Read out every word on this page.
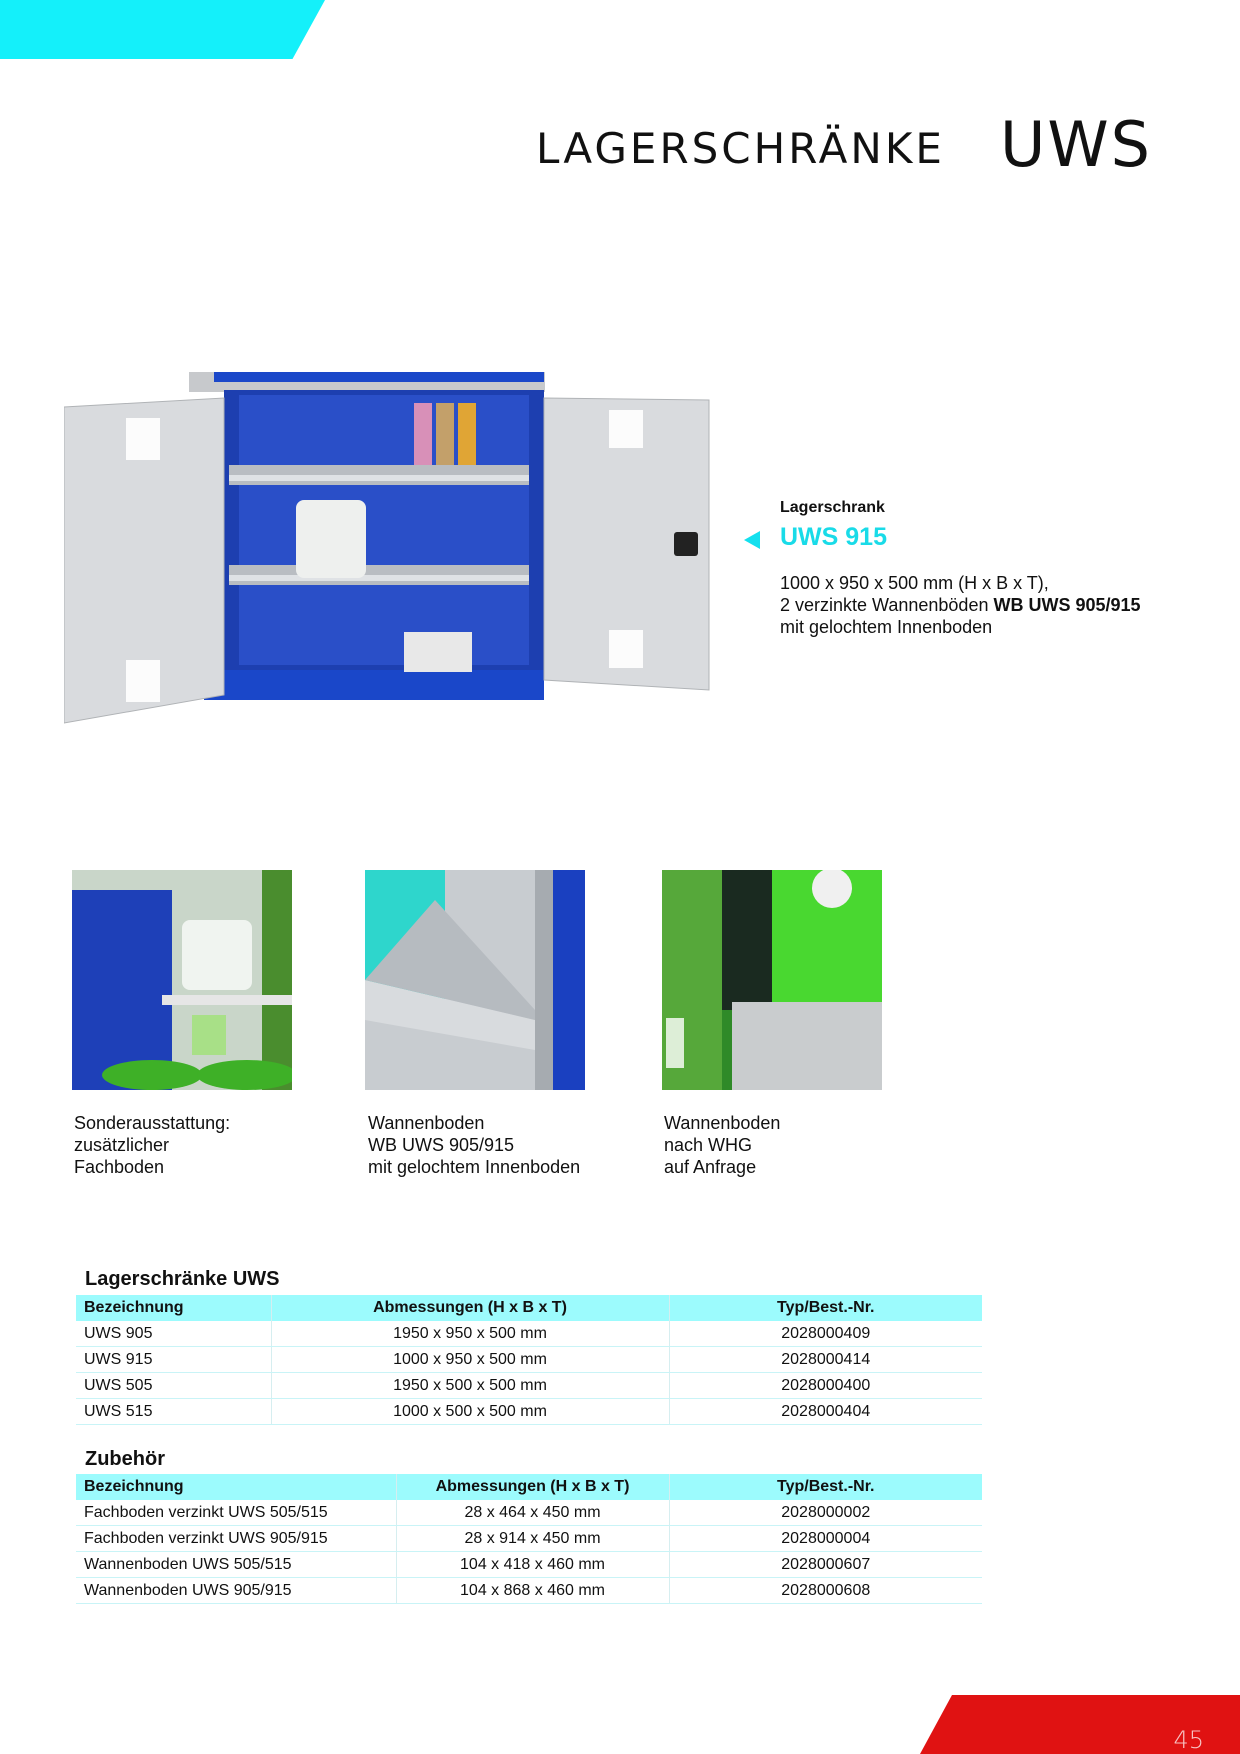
LAGERSCHRÄNKE UWS
Lagerschrank
UWS 915
1000 x 950 x 500 mm (H x B x T),
2 verzinkte Wannenböden WB UWS 905/915
mit gelochtem Innenboden
Sonderausstattung:
zusätzlicher
Fachboden
Wannenboden
WB UWS 905/915
mit gelochtem Innenboden
Wannenboden
nach WHG
auf Anfrage
Lagerschränke UWS
Bezeichnung	Abmessungen (H x B x T)	Typ/Best.-Nr.
UWS 905	1950 x 950 x 500 mm	2028000409
UWS 915	1000 x 950 x 500 mm	2028000414
UWS 505	1950 x 500 x 500 mm	2028000400
UWS 515	1000 x 500 x 500 mm	2028000404
Zubehör
Bezeichnung	Abmessungen (H x B x T)	Typ/Best.-Nr.
Fachboden verzinkt UWS 505/515	28 x 464 x 450 mm	2028000002
Fachboden verzinkt UWS 905/915	28 x 914 x 450 mm	2028000004
Wannenboden UWS 505/515	104 x 418 x 460 mm	2028000607
Wannenboden UWS 905/915	104 x 868 x 460 mm	2028000608
45
